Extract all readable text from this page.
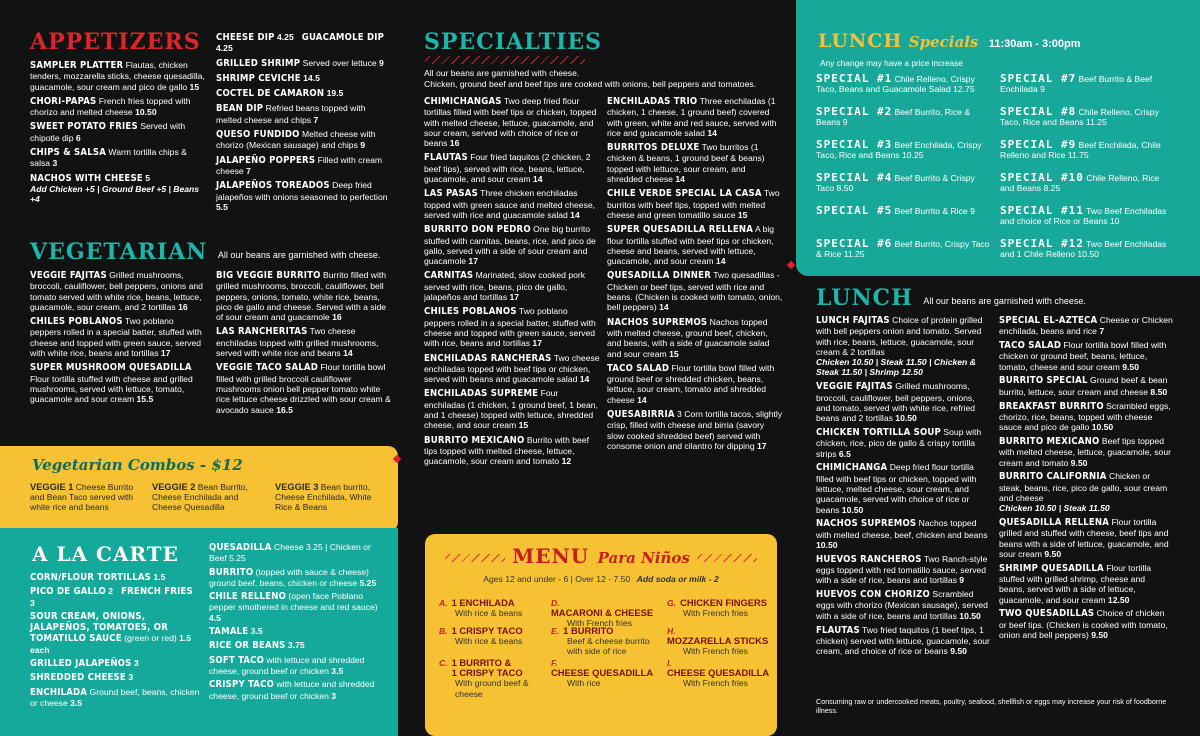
APPETIZERS
SAMPLER PLATTER Flautas, chicken tenders, mozzarella sticks, cheese quesadilla, guacamole, sour cream and pico de gallo 15
CHORI-PAPAS French fries topped with chorizo and melted cheese 10.50
SWEET POTATO FRIES Served with chipotle dip 6
CHIPS & SALSA Warm tortilla chips & salsa 3
NACHOS WITH CHEESE 5
Add Chicken +5 | Ground Beef +5 | Beans +4
CHEESE DIP 4.25 GUACAMOLE DIP 4.25
GRILLED SHRIMP Served over lettuce 9
SHRIMP CEVICHE 14.5
COCTEL DE CAMARON 19.5
BEAN DIP Refried beans topped with melted cheese and chips 7
QUESO FUNDIDO Melted cheese with chorizo (Mexican sausage) and chips 9
JALAPEÑO POPPERS Filled with cream cheese 7
JALAPEÑOS TOREADOS Deep fried jalapeños with onions seasoned to perfection 5.5
VEGETARIAN All our beans are garnished with cheese.
VEGGIE FAJITAS Grilled mushrooms, broccoli, cauliflower, bell peppers, onions and tomato served with white rice, beans, lettuce, guacamole, sour cream, and 2 tortillas 16
CHILES POBLANOS Two poblano peppers rolled in a special batter, stuffed with cheese and topped with green sauce, served with white rice, beans and tortillas 17
SUPER MUSHROOM QUESADILLA Flour tortilla stuffed with cheese and grilled mushrooms, served with lettuce, tomato, guacamole and sour cream 15.5
BIG VEGGIE BURRITO Burrito filled with grilled mushrooms, broccoli, cauliflower, bell peppers, onions, tomato, white rice, beans, pico de gallo and cheese. Served with a side of sour cream and guacamole 16
LAS RANCHERITAS Two cheese enchiladas topped with grilled mushrooms, served with white rice and beans 14
VEGGIE TACO SALAD Flour tortilla bowl filled with grilled broccoli cauliflower mushrooms onion bell pepper tomato white rice lettuce cheese drizzled with sour cream & avocado sauce 16.5
Vegetarian Combos - $12
VEGGIE 1 Cheese Burrito and Bean Taco served with white rice and beans
VEGGIE 2 Bean Burrito, Cheese Enchilada and Cheese Quesadilla
VEGGIE 3 Bean burrito, Cheese Enchilada, White Rice & Beans
A LA CARTE
CORN/FLOUR TORTILLAS 1.5
PICO DE GALLO 2 FRENCH FRIES 3
SOUR CREAM, ONIONS, JALAPEÑOS, TOMATOES, OR TOMATILLO SAUCE (green or red) 1.5 each
GRILLED JALAPEÑOS 3
SHREDDED CHEESE 3
ENCHILADA Ground beef, beans, chicken or cheese 3.5
QUESADILLA Cheese 3.25 | Chicken or Beef 5.25
BURRITO (topped with sauce & cheese) ground beef, beans, chicken or cheese 5.25
CHILE RELLENO (open face Poblano pepper smothered in cheese and red sauce) 4.5
TAMALE 3.5
RICE OR BEANS 3.75
SOFT TACO with lettuce and shredded cheese, ground beef or chicken 3.5
CRISPY TACO with lettuce and shredded cheese, ground beef or chicken 3
SPECIALTIES
All our beans are garnished with cheese.
Chicken, ground beef and beef tips are cooked with onions, bell peppers and tomatoes.
CHIMICHANGAS Two deep fried flour tortillas filled with beef tips or chicken, topped with melted cheese, lettuce, guacamole, and sour cream, served with choice of rice or beans 16
FLAUTAS Four fried taquitos (2 chicken, 2 beef tips), served with rice, beans, lettuce, guacamole, and sour cream 14
LAS PASAS Three chicken enchiladas topped with green sauce and melted cheese, served with rice and guacamole salad 14
BURRITO DON PEDRO One big burrito stuffed with carnitas, beans, rice, and pico de gallo, served with a side of sour cream and guacamole 17
CARNITAS Marinated, slow cooked pork served with rice, beans, pico de gallo, jalapeños and tortillas 17
CHILES POBLANOS Two poblano peppers rolled in a special batter, stuffed with cheese and topped with green sauce, served with rice, beans and tortillas 17
ENCHILADAS RANCHERAS Two cheese enchiladas topped with beef tips or chicken, served with beans and guacamole salad 14
ENCHILADAS SUPREME Four enchiladas (1 chicken, 1 ground beef, 1 bean, and 1 cheese) topped with lettuce, shredded cheese, and sour cream 15
BURRITO MEXICANO Burrito with beef tips topped with melted cheese, lettuce, guacamole, sour cream and tomato 12
ENCHILADAS TRIO Three enchiladas (1 chicken, 1 cheese, 1 ground beef) covered with green, white and red sauce, served with rice and guacamole salad 14
BURRITOS DELUXE Two burritos (1 chicken & beans, 1 ground beef & beans) topped with lettuce, sour cream, and shredded cheese 14
CHILE VERDE SPECIAL LA CASA Two burritos with beef tips, topped with melted cheese and green tomatillo sauce 15
SUPER QUESADILLA RELLENA A big flour tortilla stuffed with beef tips or chicken, cheese and beans, served with lettuce, guacamole, and sour cream 14
QUESADILLA DINNER Two quesadillas - Chicken or beef tips, served with rice and beans. (Chicken is cooked with tomato, onion, bell peppers) 14
NACHOS SUPREMOS Nachos topped with melted cheese, ground beef, chicken, and beans, with a side of guacamole salad and sour cream 15
TACO SALAD Flour tortilla bowl filled with ground beef or shredded chicken, beans, lettuce, sour cream, tomato and shredded cheese 14
QUESABIRRIA 3 Corn tortilla tacos, slightly crisp, filled with cheese and birria (savory slow cooked shredded beef) served with consome onion and cilantro for dipping 17
MENU Para Niños
Ages 12 and under - 6 | Over 12 - 7.50 Add soda or milk - 2
A. 1 ENCHILADA
With rice & beans
B. 1 CRISPY TACO
With rice & beans
C. 1 BURRITO &
1 CRISPY TACO
With ground beef & cheese
D.MACARONI & CHEESE
With French fries
E. 1 BURRITO
Beef & cheese burrito with side of rice
F.CHEESE QUESADILLA
With rice
G. CHICKEN FINGERS
With French fries
H.MOZZARELLA STICKS
With French fries
I.CHEESE QUESADILLA
With French fries
LUNCH Specials 11:30am - 3:00pm
Any change may have a price increase
SPECIAL #1 Chile Relleno, Crispy Taco, Beans and Guacamole Salad 12.75
SPECIAL #2 Beef Burrito, Rice & Beans 9
SPECIAL #3 Beef Enchilada, Crispy Taco, Rice and Beans 10.25
SPECIAL #4 Beef Burrito & Crispy Taco 8.50
SPECIAL #5 Beef Burrito & Rice 9
SPECIAL #6 Beef Burrito, Crispy Taco & Rice 11.25
SPECIAL #7 Beef Burrito & Beef Enchilada 9
SPECIAL #8 Chile Relleno, Crispy Taco, Rice and Beans 11.25
SPECIAL #9 Beef Enchilada, Chile Relleno and Rice 11.75
SPECIAL #10 Chile Relleno, Rice and Beans 8.25
SPECIAL #11 Two Beef Enchiladas and choice of Rice or Beans 10
SPECIAL #12 Two Beef Enchiladas and 1 Chile Relleno 10.50
LUNCH All our beans are garnished with cheese.
LUNCH FAJITAS Choice of protein grilled with bell peppers onion and tomato. Served with rice, beans, lettuce, guacamole, sour cream & 2 tortillas
Chicken 10.50 | Steak 11.50 | Chicken & Steak 11.50 | Shrimp 12.50
VEGGIE FAJITAS Grilled mushrooms, broccoli, cauliflower, bell peppers, onions, and tomato, served with white rice, refried beans and 2 tortillas 10.50
CHICKEN TORTILLA SOUP Soup with chicken, rice, pico de gallo & crispy tortilla strips 6.5
CHIMICHANGA Deep fried flour tortilla filled with beef tips or chicken, topped with lettuce, melted cheese, sour cream, and guacamole, served with choice of rice or beans 10.50
NACHOS SUPREMOS Nachos topped with melted cheese, beef, chicken and beans 10.50
HUEVOS RANCHEROS Two Ranch-style eggs topped with red tomatillo sauce, served with a side of rice, beans and tortillas 9
HUEVOS CON CHORIZO Scrambled eggs with chorizo (Mexican sausage), served with a side of rice, beans and tortillas 10.50
FLAUTAS Two fried taquitos (1 beef tips, 1 chicken) served with lettuce, guacamole, sour cream, and choice of rice or beans 9.50
SPECIAL EL-AZTECA Cheese or Chicken enchilada, beans and rice 7
TACO SALAD Flour tortilla bowl filled with chicken or ground beef, beans, lettuce, tomato, cheese and sour cream 9.50
BURRITO SPECIAL Ground beef & bean burrito, lettuce, sour cream and cheese 8.50
BREAKFAST BURRITO Scrambled eggs, chorizo, rice, beans, topped with cheese sauce and pico de gallo 10.50
BURRITO MEXICANO Beef tips topped with melted cheese, lettuce, guacamole, sour cream and tomato 9.50
BURRITO CALIFORNIA Chicken or steak, beans, rice, pico de gallo, sour cream and cheese
Chicken 10.50 | Steak 11.50
QUESADILLA RELLENA Flour tortilla grilled and stuffed with cheese, beef tips and beans with a side of lettuce, guacamole, and sour cream 9.50
SHRIMP QUESADILLA Flour tortilla stuffed with grilled shrimp, cheese and beans, served with a side of lettuce, guacamole, and sour cream 12.50
TWO QUESADILLAS Choice of chicken or beef tips. (Chicken is cooked with tomato, onion and bell peppers) 9.50
Consuming raw or undercooked meats, poultry, seafood, shellfish or eggs may increase your risk of foodborne illness.
